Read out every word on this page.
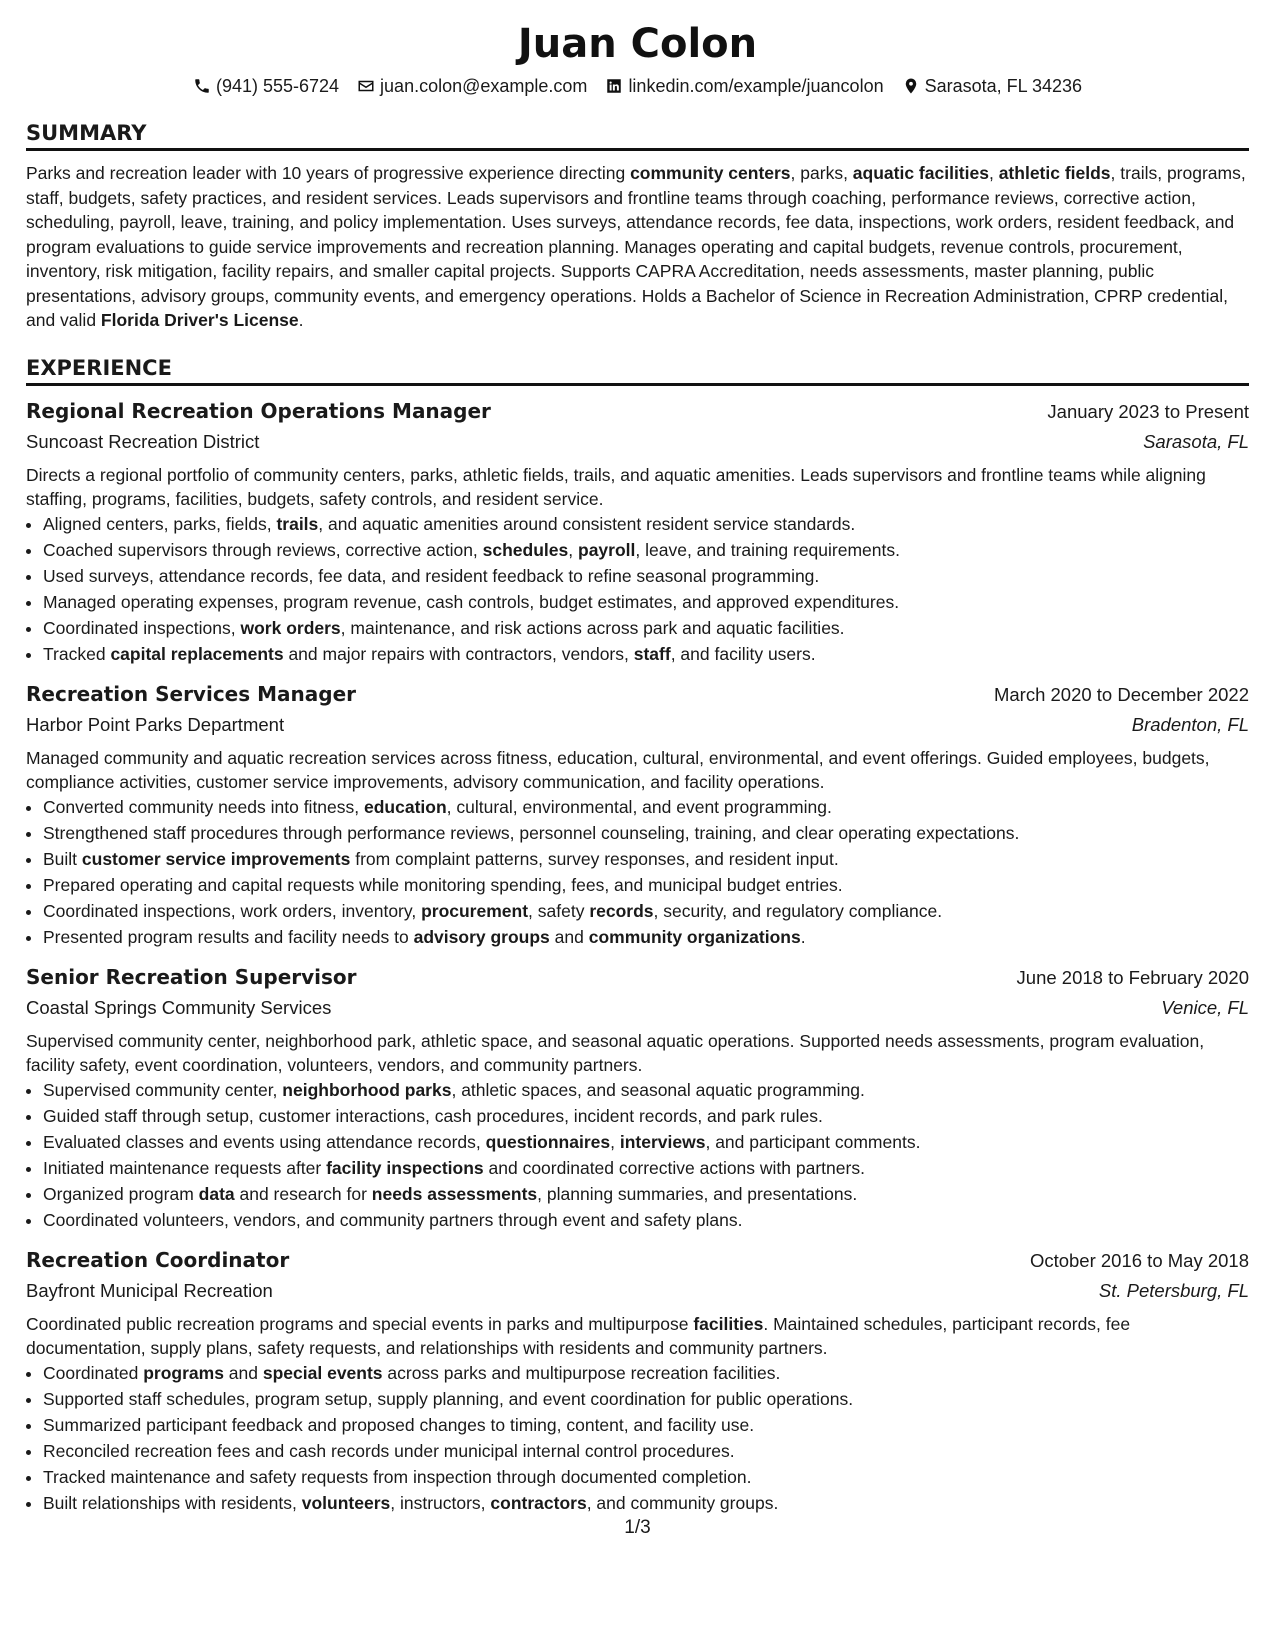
Juan Colon
(941) 555-6724 juan.colon@example.com linkedin.com/example/juancolon Sarasota, FL 34236
SUMMARY

Parks and recreation leader with 10 years of progressive experience directing community centers, parks, aquatic facilities, athletic fields, trails, programs, staff, budgets, safety practices, and resident services. Leads supervisors and frontline teams through coaching, performance reviews, corrective action, scheduling, payroll, leave, training, and policy implementation. Uses surveys, attendance records, fee data, inspections, work orders, resident feedback, and program evaluations to guide service improvements and recreation planning. Manages operating and capital budgets, revenue controls, procurement, inventory, risk mitigation, facility repairs, and smaller capital projects. Supports CAPRA Accreditation, needs assessments, master planning, public presentations, advisory groups, community events, and emergency operations. Holds a Bachelor of Science in Recreation Administration, CPRP credential, and valid Florida Driver's License.

EXPERIENCE
Regional Recreation Operations Manager	January 2023 to Present
Suncoast Recreation District	Sarasota, FL

Directs a regional portfolio of community centers, parks, athletic fields, trails, and aquatic amenities. Leads supervisors and frontline teams while aligning staffing, programs, facilities, budgets, safety controls, and resident service.

• Aligned centers, parks, fields, trails, and aquatic amenities around consistent resident service standards.
• Coached supervisors through reviews, corrective action, schedules, payroll, leave, and training requirements.
• Used surveys, attendance records, fee data, and resident feedback to refine seasonal programming.
• Managed operating expenses, program revenue, cash controls, budget estimates, and approved expenditures.
• Coordinated inspections, work orders, maintenance, and risk actions across park and aquatic facilities.
• Tracked capital replacements and major repairs with contractors, vendors, staff, and facility users.
Recreation Services Manager	March 2020 to December 2022
Harbor Point Parks Department	Bradenton, FL

Managed community and aquatic recreation services across fitness, education, cultural, environmental, and event offerings. Guided employees, budgets, compliance activities, customer service improvements, advisory communication, and facility operations.

• Converted community needs into fitness, education, cultural, environmental, and event programming.
• Strengthened staff procedures through performance reviews, personnel counseling, training, and clear operating expectations.
• Built customer service improvements from complaint patterns, survey responses, and resident input.
• Prepared operating and capital requests while monitoring spending, fees, and municipal budget entries.
• Coordinated inspections, work orders, inventory, procurement, safety records, security, and regulatory compliance.
• Presented program results and facility needs to advisory groups and community organizations.
Senior Recreation Supervisor	June 2018 to February 2020
Coastal Springs Community Services	Venice, FL

Supervised community center, neighborhood park, athletic space, and seasonal aquatic operations. Supported needs assessments, program evaluation, facility safety, event coordination, volunteers, vendors, and community partners.

• Supervised community center, neighborhood parks, athletic spaces, and seasonal aquatic programming.
• Guided staff through setup, customer interactions, cash procedures, incident records, and park rules.
• Evaluated classes and events using attendance records, questionnaires, interviews, and participant comments.
• Initiated maintenance requests after facility inspections and coordinated corrective actions with partners.
• Organized program data and research for needs assessments, planning summaries, and presentations.
• Coordinated volunteers, vendors, and community partners through event and safety plans.
Recreation Coordinator	October 2016 to May 2018
Bayfront Municipal Recreation	St. Petersburg, FL

Coordinated public recreation programs and special events in parks and multipurpose facilities. Maintained schedules, participant records, fee documentation, supply plans, safety requests, and relationships with residents and community partners.

• Coordinated programs and special events across parks and multipurpose recreation facilities.
• Supported staff schedules, program setup, supply planning, and event coordination for public operations.
• Summarized participant feedback and proposed changes to timing, content, and facility use.
• Reconciled recreation fees and cash records under municipal internal control procedures.
• Tracked maintenance and safety requests from inspection through documented completion.
• Built relationships with residents, volunteers, instructors, contractors, and community groups.
1/3
